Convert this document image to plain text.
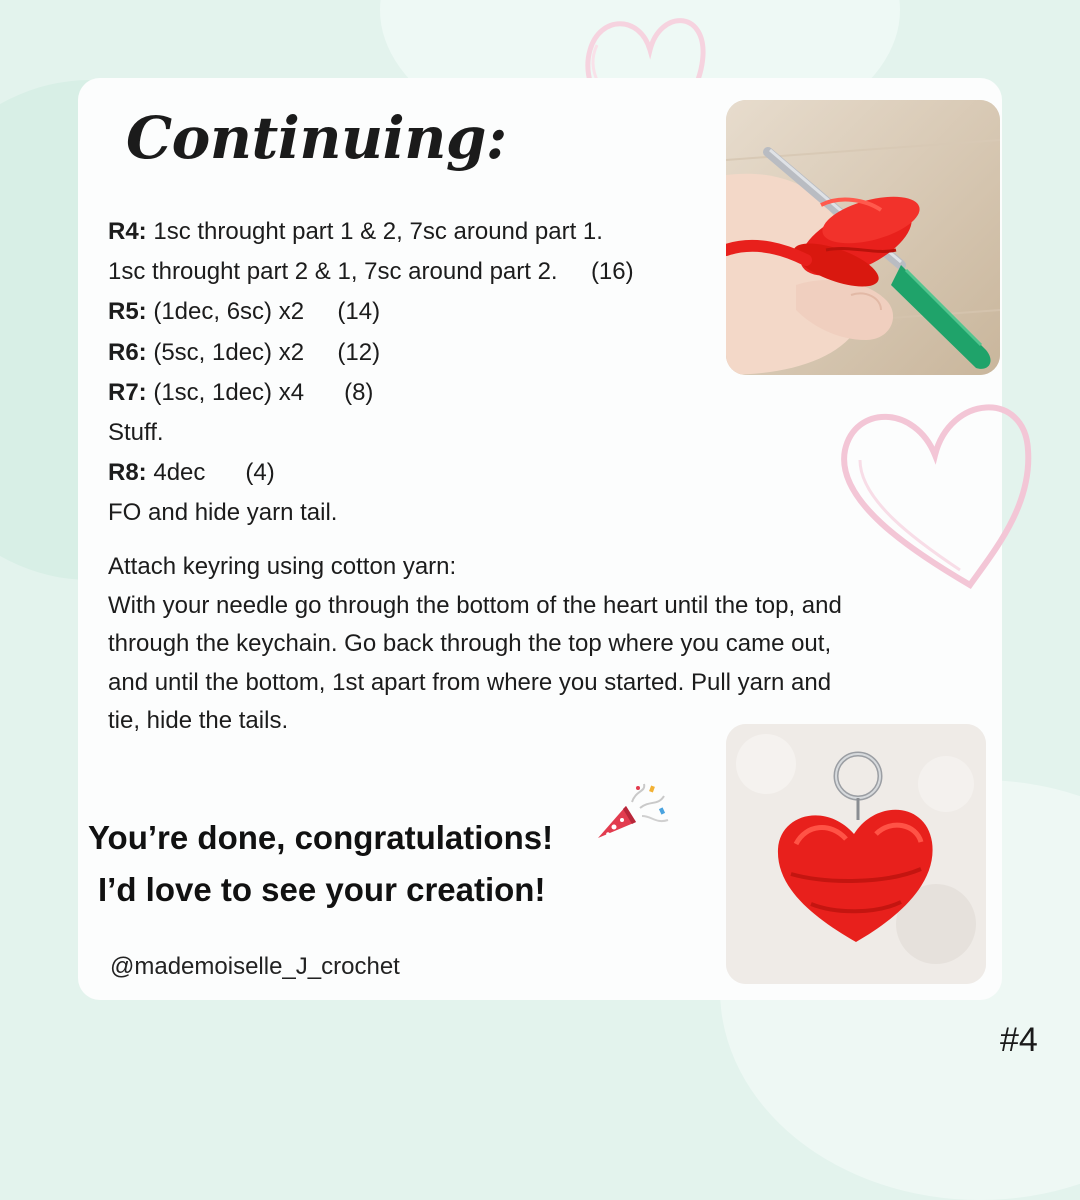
Continuing:
R4: 1sc throught part 1 & 2, 7sc around part 1.
1sc throught part 2 & 1, 7sc around part 2.     (16)
R5: (1dec, 6sc) x2     (14)
R6: (5sc, 1dec) x2     (12)
R7: (1sc, 1dec) x4      (8)
Stuff.
R8: 4dec      (4)
FO and hide yarn tail.

Attach keyring using cotton yarn:

With your needle go through the bottom of the heart until the top, and

through the keychain. Go back through the top where you came out,

and until the bottom, 1st apart from where you started. Pull yarn and

tie, hide the tails.

You’re done, congratulations!
I’d love to see your creation!
@mademoiselle_J_crochet
#4
